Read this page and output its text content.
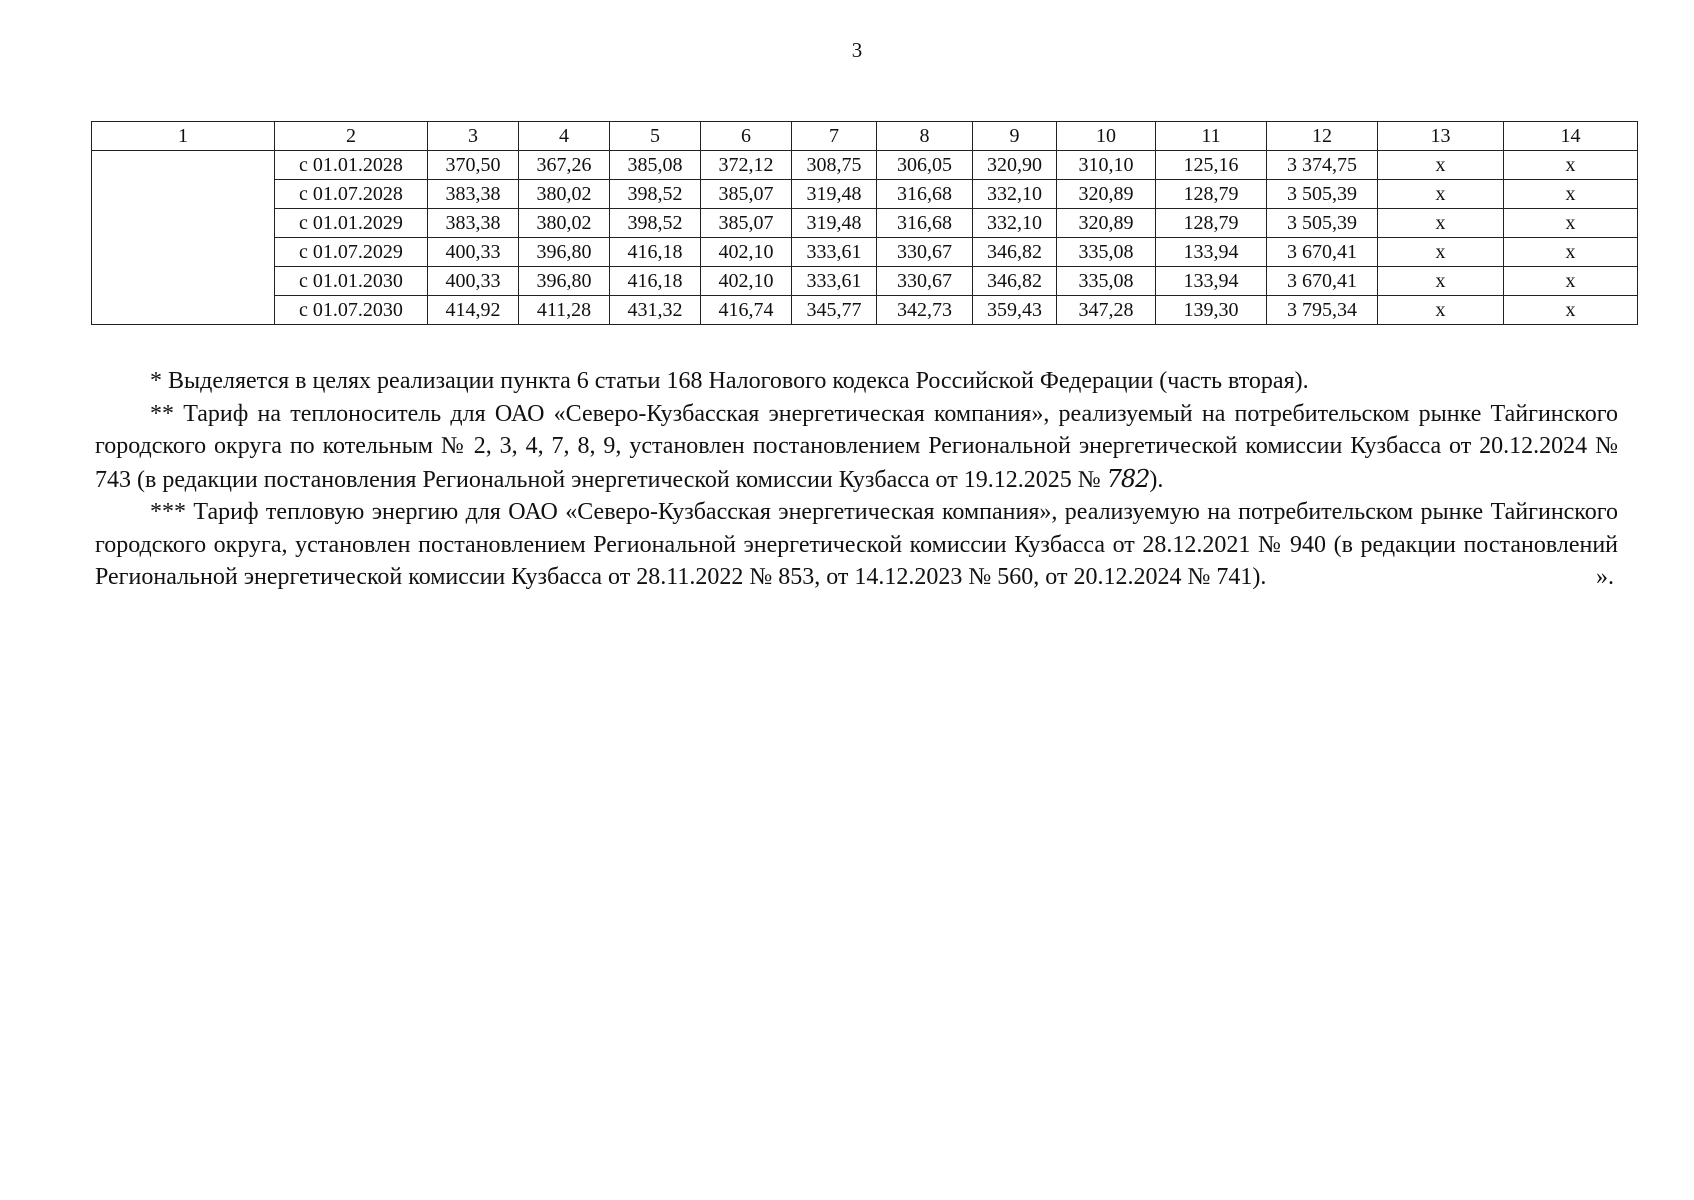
3
1	2	3	4	5	6	7	8	9	10	11	12	13	14
	с 01.01.2028	370,50	367,26	385,08	372,12	308,75	306,05	320,90	310,10	125,16	3 374,75	х	х
	с 01.07.2028	383,38	380,02	398,52	385,07	319,48	316,68	332,10	320,89	128,79	3 505,39	х	х
	с 01.01.2029	383,38	380,02	398,52	385,07	319,48	316,68	332,10	320,89	128,79	3 505,39	х	х
	с 01.07.2029	400,33	396,80	416,18	402,10	333,61	330,67	346,82	335,08	133,94	3 670,41	х	х
	с 01.01.2030	400,33	396,80	416,18	402,10	333,61	330,67	346,82	335,08	133,94	3 670,41	х	х
	с 01.07.2030	414,92	411,28	431,32	416,74	345,77	342,73	359,43	347,28	139,30	3 795,34	х	х

* Выделяется в целях реализации пункта 6 статьи 168 Налогового кодекса Российской Федерации (часть вторая).

** Тариф на теплоноситель для ОАО «Северо-Кузбасская энергетическая компания», реализуемый на потребительском рынке Тайгинского городского округа по котельным № 2, 3, 4, 7, 8, 9, установлен постановлением Региональной энергетической комиссии Кузбасса от 20.12.2024 № 743 (в редакции постановления Региональной энергетической комиссии Кузбасса от 19.12.2025 № 782).

*** Тариф тепловую энергию для ОАО «Северо-Кузбасская энергетическая компания», реализуемую на потребительском рынке Тайгинского городского округа, установлен постановлением Региональной энергетической комиссии Кузбасса от 28.12.2021 № 940 (в редакции постановлений Региональной энергетической комиссии Кузбасса от 28.11.2022 № 853, от 14.12.2023 № 560, от 20.12.2024 № 741).	».
